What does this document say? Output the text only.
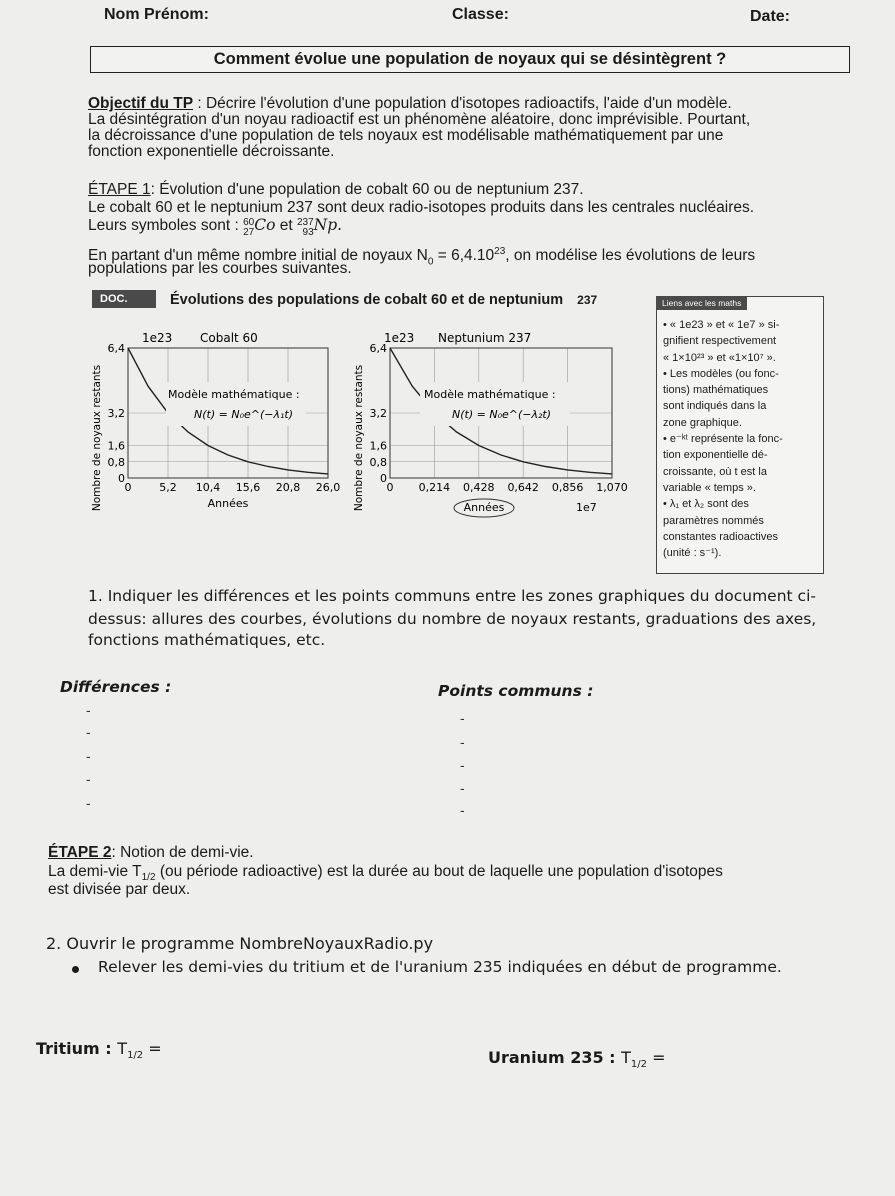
Nom Prénom:	Classe:	Date:
Comment évolue une population de noyaux qui se désintègrent ?
Objectif du TP : Décrire l'évolution d'une population d'isotopes radioactifs, l'aide d'un modèle.
La désintégration d'un noyau radioactif est un phénomène aléatoire, donc imprévisible. Pourtant,
la décroissance d'une population de tels noyaux est modélisable mathématiquement par une
fonction exponentielle décroissante.
ÉTAPE 1: Évolution d'une population de cobalt 60 ou de neptunium 237.
Le cobalt 60 et le neptunium 237 sont deux radio-isotopes produits dans les centrales nucléaires.
Leurs symboles sont : 60
27Co et 237
93Np.
En partant d'un même nombre initial de noyaux $N_0 = 6,4.10^{23}$, on modélise les évolutions de leurs
populations par les courbes suivantes.
DOC.	Évolutions des populations de cobalt 60 et de neptunium 237
Nombre de noyaux restants
1e23 Cobalt 60
Modèle mathématique :
N(t) = N₀e^(−λ₁t)
0	5,2 10,4 15,6 20,8 26,0
0
0,8
1,6
3,2
6,4
Années	Nombre de noyaux restants
1e23 Neptunium 237
Modèle mathématique :
N(t) = N₀e^(−λ₂t)
0 0,214 0,428 0,642 0,856 1,070
0
0,8
1,6
3,2
6,4
Années	1e7
Liens avec les maths
• « 1e23 » et « 1e7 » si-
gnifient respectivement
« 1×10²³ » et «1×10⁷ ».
• Les modèles (ou fonc-
tions) mathématiques
sont indiqués dans la
zone graphique.
• e⁻ᵏᵗ représente la fonc-
tion exponentielle dé-
croissante, où t est la
variable « temps ».
• λ₁ et λ₂ sont des
paramètres nommés
constantes radioactives
(unité : s⁻¹).
1. Indiquer les différences et les points communs entre les zones graphiques du document ci-
dessus: allures des courbes, évolutions du nombre de noyaux restants, graduations des axes,
fonctions mathématiques, etc.
Différences :	Points communs :
-
-
-
-
-
-
-
-
-
-
ÉTAPE 2: Notion de demi-vie.
La demi-vie $T_{1/2}$ (ou période radioactive) est la durée au bout de laquelle une population d'isotopes
est divisée par deux.
2. Ouvrir le programme NombreNoyauxRadio.py
Relever les demi-vies du tritium et de l'uranium 235 indiquées en début de programme.
Tritium : $T_{1/2}$ =	Uranium 235 : $T_{1/2}$ =
